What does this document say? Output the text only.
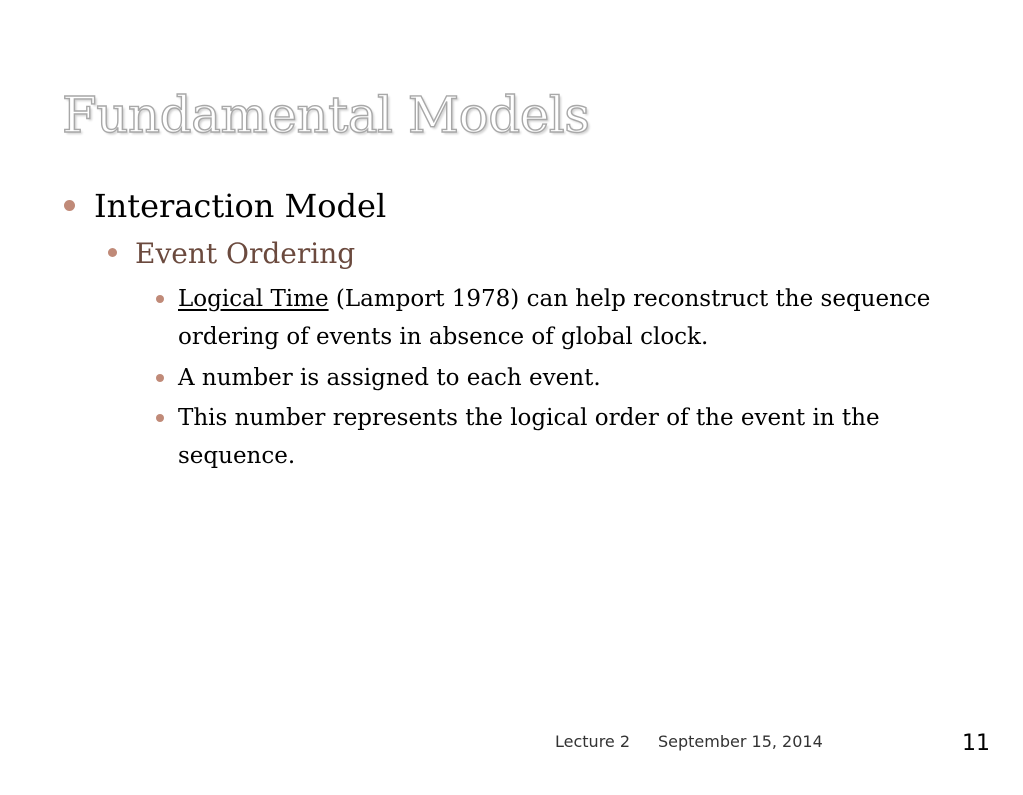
Fundamental Models
Interaction Model
Event Ordering
Logical Time (Lamport 1978) can help reconstruct the sequence ordering of events in absence of global clock.
A number is assigned to each event.
This number represents the logical order of the event in the sequence.
Lecture 2 September 15, 2014	11
